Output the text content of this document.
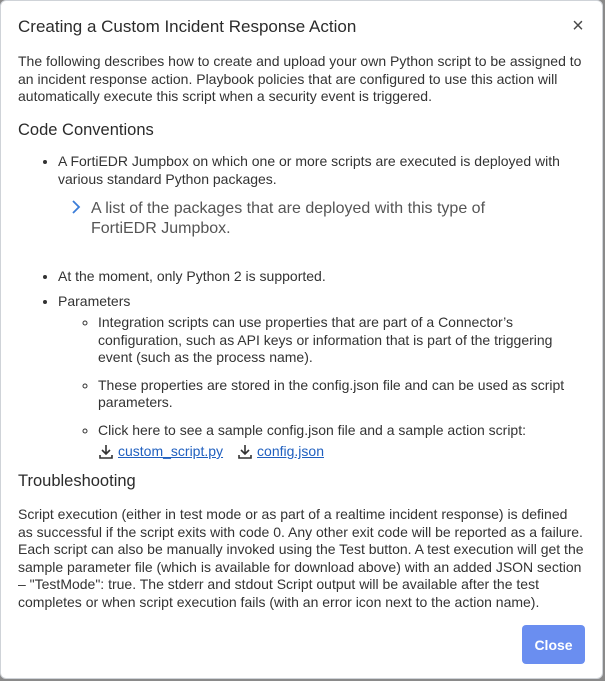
Creating a Custom Incident Response Action	×
The following describes how to create and upload your own Python script to be assigned to an incident response action. Playbook policies that are configured to use this action will automatically execute this script when a security event is triggered.
Code Conventions
• A FortiEDR Jumpbox on which one or more scripts are executed is deployed with various standard Python packages.
A list of the packages that are deployed with this type of FortiEDR Jumpbox.
• At the moment, only Python 2 is supported.
• Parameters
◦ Integration scripts can use properties that are part of a Connector’s configuration, such as API keys or information that is part of the triggering event (such as the process name).
◦ These properties are stored in the config.json file and can be used as script parameters.
◦ Click here to see a sample config.json file and a sample action script:
custom_script.py config.json
Troubleshooting
Script execution (either in test mode or as part of a realtime incident response) is defined as successful if the script exits with code 0. Any other exit code will be reported as a failure. Each script can also be manually invoked using the Test button. A test execution will get the sample parameter file (which is available for download above) with an added JSON section – "TestMode": true. The stderr and stdout Script output will be available after the test completes or when script execution fails (with an error icon next to the action name).
Close
